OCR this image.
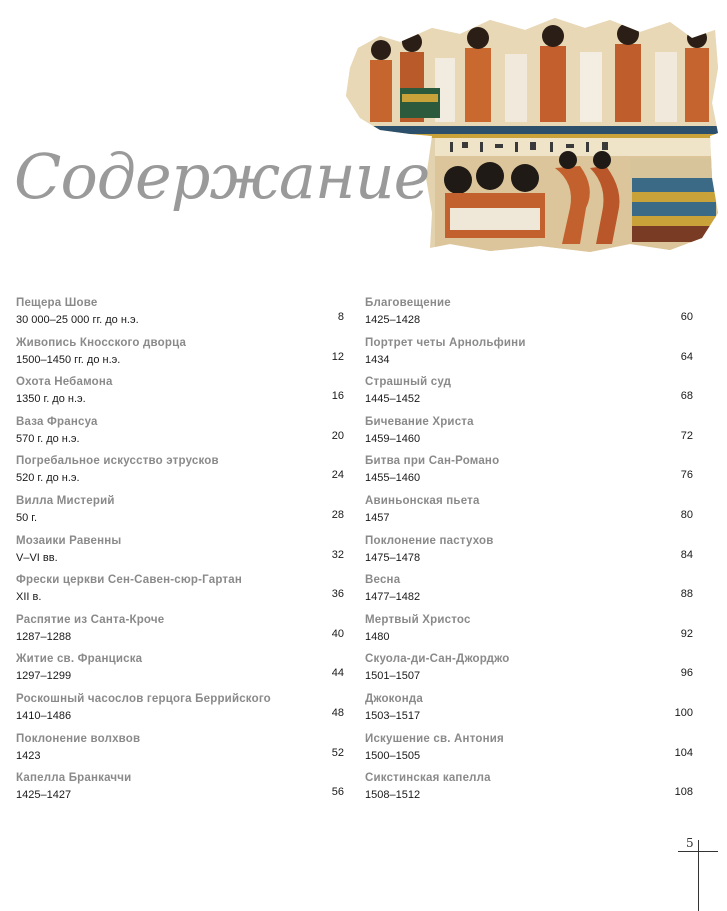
Содержание
Пещера Шове
30 000–25 000 гг. до н.э.	8
Живопись Кносского дворца
1500–1450 гг. до н.э.	12
Охота Небамона
1350 г. до н.э.	16
Ваза Франсуа
570 г. до н.э.	20
Погребальное искусство этрусков
520 г. до н.э.	24
Вилла Мистерий
50 г.	28
Мозаики Равенны
V–VI вв.	32
Фрески церкви Сен-Савен-сюр-Гартан
XII в.	36
Распятие из Санта-Кроче
1287–1288	40
Житие св. Франциска
1297–1299	44
Роскошный часослов герцога Беррийского
1410–1486	48
Поклонение волхвов
1423	52
Капелла Бранкаччи
1425–1427	56
Благовещение
1425–1428	60
Портрет четы Арнольфини
1434	64
Страшный суд
1445–1452	68
Бичевание Христа
1459–1460	72
Битва при Сан-Романо
1455–1460	76
Авиньонская пьета
1457	80
Поклонение пастухов
1475–1478	84
Весна
1477–1482	88
Мертвый Христос
1480	92
Скуола-ди-Сан-Джорджо
1501–1507	96
Джоконда
1503–1517	100
Искушение св. Антония
1500–1505	104
Сикстинская капелла
1508–1512	108
5
